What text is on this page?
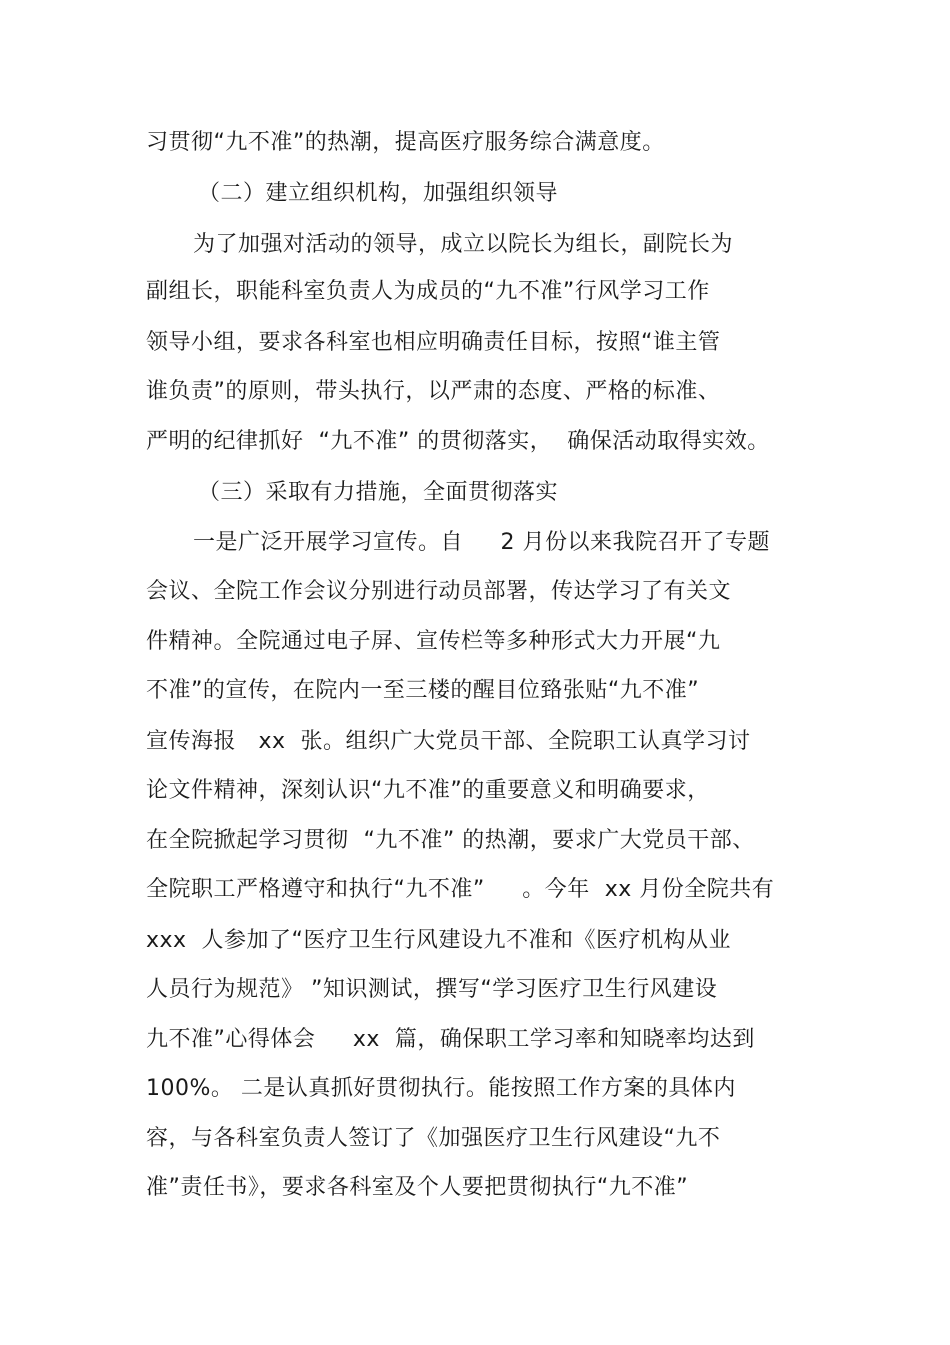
习贯彻“九不准”的热潮，提高医疗服务综合满意度。
（二）建立组织机构，加强组织领导
为了加强对活动的领导，成立以院长为组长，副院长为
副组长，职能科室负责人为成员的“九不准”行风学习工作
领导小组，要求各科室也相应明确责任目标，按照“谁主管
谁负责”的原则，带头执行，以严肃的态度、严格的标准、
严明的纪律抓好  “九不准” 的贯彻落实，  确保活动取得实效。
（三）采取有力措施，全面贯彻落实
一是广泛开展学习宣传。自     2 月份以来我院召开了专题
会议、全院工作会议分别进行动员部署，传达学习了有关文
件精神。全院通过电子屏、宣传栏等多种形式大力开展“九
不准”的宣传，在院内一至三楼的醒目位臵张贴“九不准”
宣传海报   xx  张。组织广大党员干部、全院职工认真学习讨
论文件精神，深刻认识“九不准”的重要意义和明确要求，
在全院掀起学习贯彻  “九不准” 的热潮，要求广大党员干部、
全院职工严格遵守和执行“九不准”     。今年  xx 月份全院共有
xxx  人参加了“医疗卫生行风建设九不准和《医疗机构从业
人员行为规范》 ”知识测试，撰写“学习医疗卫生行风建设
九不准”心得体会     xx  篇，确保职工学习率和知晓率均达到
100%。 二是认真抓好贯彻执行。能按照工作方案的具体内
容，与各科室负责人签订了《加强医疗卫生行风建设“九不
准”责任书》，要求各科室及个人要把贯彻执行“九不准”
